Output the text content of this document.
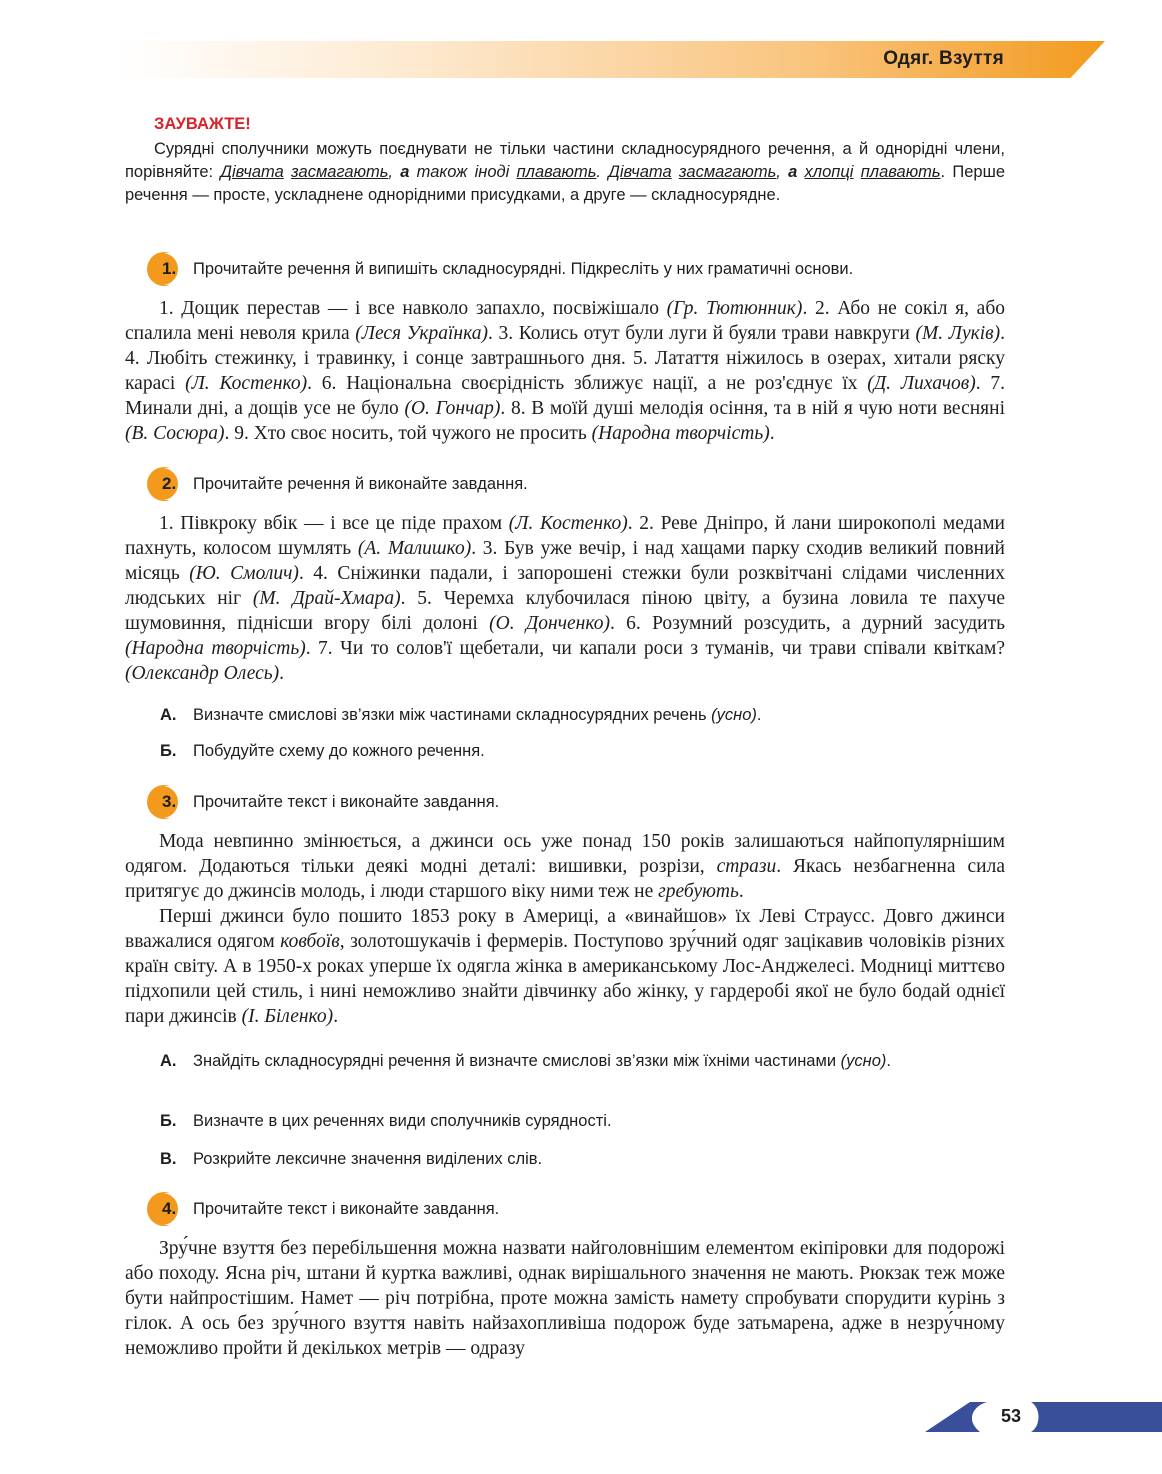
Одяг. Взуття
ЗАУВАЖТЕ!
Сурядні сполучники можуть поєднувати не тільки частини складносурядного речення, а й однорідні члени, порівняйте: Дівчата засмагають, а також іноді плавають. Дівчата засмагають, а хлопці плавають. Перше речення — просте, ускладнене однорідними присудками, а друге — складносурядне.
1. Прочитайте речення й випишіть складносурядні. Підкресліть у них граматичні основи.

1. Дощик перестав — і все навколо запахло, посвіжішало (Гр. Тютюнник). 2. Або не сокіл я, або спалила мені неволя крила (Леся Українка). 3. Колись отут були луги й буяли трави навкруги (М. Луків). 4. Любіть стежинку, і травинку, і сонце завтрашнього дня. 5. Латаття ніжилось в озерах, хитали ряску карасі (Л. Костенко). 6. Національна своєрідність зближує нації, а не роз'єднує їх (Д. Лихачов). 7. Минали дні, а дощів усе не було (О. Гончар). 8. В моїй душі мелодія осіння, та в ній я чую ноти весняні (В. Сосюра). 9. Хто своє носить, той чужого не просить (Народна творчість).

2. Прочитайте речення й виконайте завдання.

1. Півкроку вбік — і все це піде прахом (Л. Костенко). 2. Реве Дніпро, й лани широкополі медами пахнуть, колосом шумлять (А. Малишко). 3. Був уже вечір, і над хащами парку сходив великий повний місяць (Ю. Смолич). 4. Сніжинки падали, і запорошені стежки були розквітчані слідами численних людських ніг (М. Драй-Хмара). 5. Черемха клубочилася піною цвіту, а бузина ловила те пахуче шумовиння, піднісши вгору білі долоні (О. Донченко). 6. Розумний розсудить, а дурний засудить (Народна творчість). 7. Чи то солов'ї щебетали, чи капали роси з туманів, чи трави співали квіткам? (Олександр Олесь).

А. Визначте смислові зв’язки між частинами складносурядних речень (усно).
Б. Побудуйте схему до кожного речення.
3. Прочитайте текст і виконайте завдання.

Мода невпинно змінюється, а джинси ось уже понад 150 років залишаються найпопулярнішим одягом. Додаються тільки деякі модні деталі: вишивки, розрізи, стрази. Якась незбагненна сила притягує до джинсів молодь, і люди старшого віку ними теж не гребують.

Перші джинси було пошито 1853 року в Америці, а «винайшов» їх Леві Страусс. Довго джинси вважалися одягом ковбоїв, золотошукачів і фермерів. Поступово зру́чний одяг зацікавив чоловіків різних країн світу. А в 1950-х роках уперше їх одягла жінка в американському Лос-Анджелесі. Модниці миттєво підхопили цей стиль, і нині неможливо знайти дівчинку або жінку, у гардеробі якої не було бодай однієї пари джинсів (І. Біленко).

А. Знайдіть складносурядні речення й визначте смислові зв’язки між їхніми частинами (усно).
Б. Визначте в цих реченнях види сполучників сурядності.
В. Розкрийте лексичне значення виділених слів.
4. Прочитайте текст і виконайте завдання.

Зру́чне взуття без перебільшення можна назвати найголовнішим елементом екіпіровки для подорожі або походу. Ясна річ, штани й куртка важливі, однак вирішального значення не мають. Рюкзак теж може бути найпростішим. Намет — річ потрібна, проте можна замість намету спробувати спорудити курінь з гілок. А ось без зру́чного взуття навіть найзахопливіша подорож буде затьмарена, адже в незру́чному неможливо пройти й декількох метрів — одразу

53
